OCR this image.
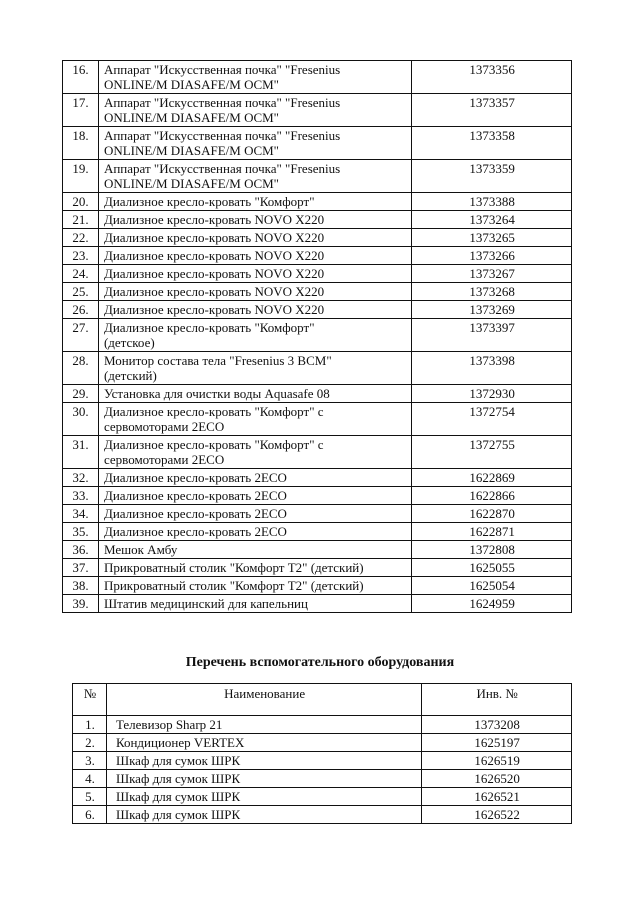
16.	Аппарат "Искусственная почка" "Fresenius
ONLINE/M DIASAFE/M OCM"	1373356
17.	Аппарат "Искусственная почка" "Fresenius
ONLINE/M DIASAFE/M OCM"	1373357
18.	Аппарат "Искусственная почка" "Fresenius
ONLINE/M DIASAFE/M OCM"	1373358
19.	Аппарат "Искусственная почка" "Fresenius
ONLINE/M DIASAFE/M OCM"	1373359
20.	Диализное кресло-кровать "Комфорт"	1373388
21.	Диализное кресло-кровать NOVO X220	1373264
22.	Диализное кресло-кровать NOVO X220	1373265
23.	Диализное кресло-кровать NOVO X220	1373266
24.	Диализное кресло-кровать NOVO X220	1373267
25.	Диализное кресло-кровать NOVO X220	1373268
26.	Диализное кресло-кровать NOVO X220	1373269
27.	Диализное кресло-кровать "Комфорт"
(детское)	1373397
28.	Монитор состава тела "Fresenius 3 BCM"
(детский)	1373398
29.	Установка для очистки воды Aquasafe 08	1372930
30.	Диализное кресло-кровать "Комфорт" с
сервомоторами 2ECO	1372754
31.	Диализное кресло-кровать "Комфорт" с
сервомоторами 2ECO	1372755
32.	Диализное кресло-кровать 2ECO	1622869
33.	Диализное кресло-кровать 2ECO	1622866
34.	Диализное кресло-кровать 2ECO	1622870
35.	Диализное кресло-кровать 2ECO	1622871
36.	Мешок Амбу	1372808
37.	Прикроватный столик "Комфорт Т2" (детский)	1625055
38.	Прикроватный столик "Комфорт Т2" (детский)	1625054
39.	Штатив медицинский для капельниц	1624959
Перечень вспомогательного оборудования
№	Наименование	Инв. №
1.	Телевизор Sharp 21	1373208
2.	Кондиционер VERTEX	1625197
3.	Шкаф для сумок ШРК	1626519
4.	Шкаф для сумок ШРК	1626520
5.	Шкаф для сумок ШРК	1626521
6.	Шкаф для сумок ШРК	1626522
